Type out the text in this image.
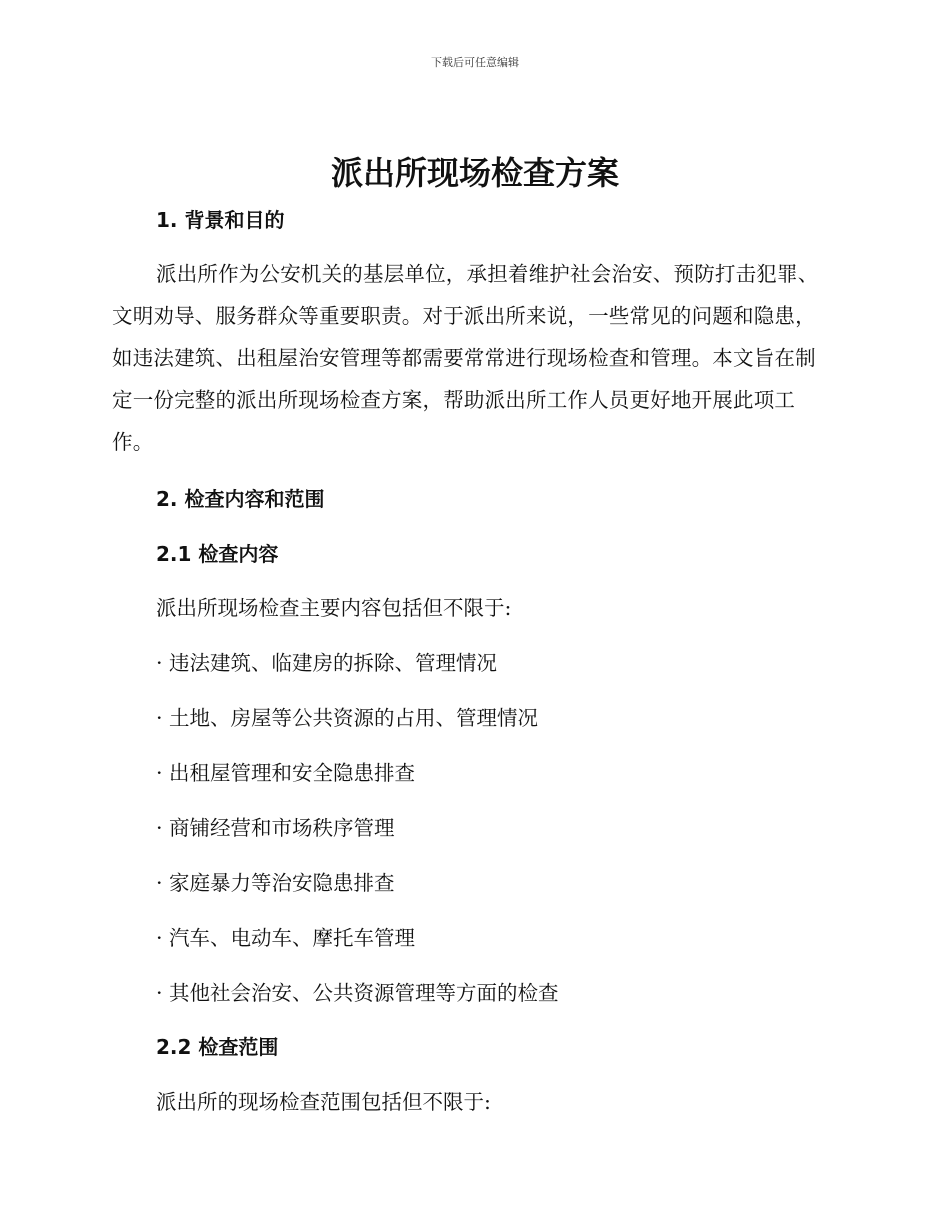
下载后可任意编辑
派出所现场检查方案
1. 背景和目的

派出所作为公安机关的基层单位，承担着维护社会治安、预防打击犯罪、文明劝导、服务群众等重要职责。对于派出所来说，一些常见的问题和隐患，如违法建筑、出租屋治安管理等都需要常常进行现场检查和管理。本文旨在制定一份完整的派出所现场检查方案，帮助派出所工作人员更好地开展此项工作。

2. 检查内容和范围
2.1 检查内容
派出所现场检查主要内容包括但不限于:
· 违法建筑、临建房的拆除、管理情况
· 土地、房屋等公共资源的占用、管理情况
· 出租屋管理和安全隐患排查
· 商铺经营和市场秩序管理
· 家庭暴力等治安隐患排查
· 汽车、电动车、摩托车管理
· 其他社会治安、公共资源管理等方面的检查
2.2 检查范围
派出所的现场检查范围包括但不限于:
